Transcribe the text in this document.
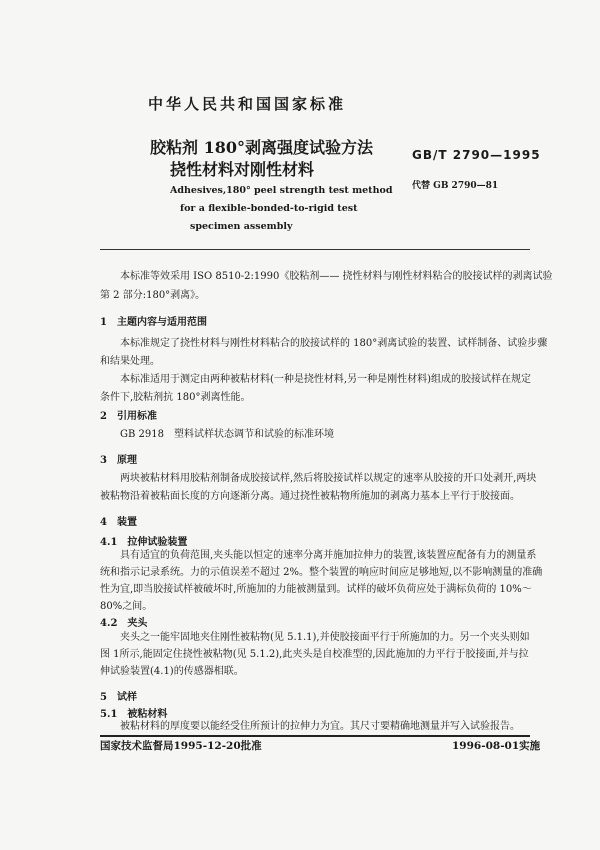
中华人民共和国国家标准
胶粘剂 180°剥离强度试验方法
挠性材料对刚性材料
GB/T 2790—1995
代替 GB 2790—81
Adhesives,180° peel strength test method
for a flexible-bonded-to-rigid test
specimen assembly
本标准等效采用 ISO 8510-2:1990《胶粘剂—— 挠性材料与刚性材料粘合的胶接试样的剥离试验
第 2 部分:180°剥离》。
1　主题内容与适用范围
本标准规定了挠性材料与刚性材料粘合的胶接试样的 180°剥离试验的装置、试样制备、试验步骤
和结果处理。
本标准适用于测定由两种被粘材料(一种是挠性材料,另一种是刚性材料)组成的胶接试样在规定
条件下,胶粘剂抗 180°剥离性能。
2　引用标准
GB 2918　塑料试样状态调节和试验的标准环境
3　原理
两块被粘材料用胶粘剂制备成胶接试样,然后将胶接试样以规定的速率从胶接的开口处剥开,两块
被粘物沿着被粘面长度的方向逐渐分离。通过挠性被粘物所施加的剥离力基本上平行于胶接面。
4　装置
4.1　拉伸试验装置
具有适宜的负荷范围,夹头能以恒定的速率分离并施加拉伸力的装置,该装置应配备有力的测量系
统和指示记录系统。力的示值误差不超过 2%。整个装置的响应时间应足够地短,以不影响测量的准确
性为宜,即当胶接试样被破坏时,所施加的力能被测量到。试样的破坏负荷应处于满标负荷的 10%～
80%之间。
4.2　夹头
夹头之一能牢固地夹住刚性被粘物(见 5.1.1),并使胶接面平行于所施加的力。另一个夹头则如
图 1所示,能固定住挠性被粘物(见 5.1.2),此夹头是自校准型的,因此施加的力平行于胶接面,并与拉
伸试验装置(4.1)的传感器相联。
5　试样
5.1　被粘材料
被粘材料的厚度要以能经受住所预计的拉伸力为宜。其尺寸要精确地测量并写入试验报告。
国家技术监督局1995-12-20批准	1996-08-01实施
